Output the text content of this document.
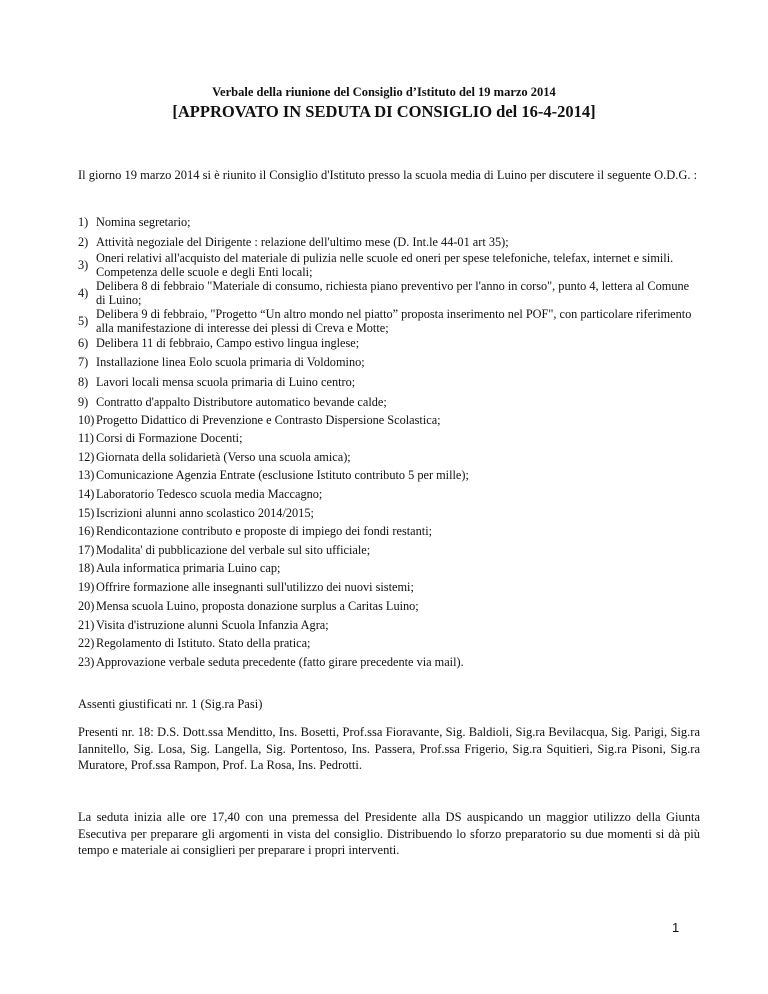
Verbale della riunione del Consiglio d’Istituto del 19 marzo 2014
[APPROVATO IN SEDUTA DI CONSIGLIO del 16-4-2014]
Il giorno 19 marzo 2014 si è riunito il Consiglio d'Istituto presso la scuola media di Luino per discutere il seguente O.D.G. :
1) Nomina segretario;
2) Attività negoziale del Dirigente : relazione dell'ultimo mese (D. Int.le 44-01 art 35);
3) Oneri relativi all'acquisto del materiale di pulizia nelle scuole ed oneri per spese telefoniche, telefax, internet e simili. Competenza delle scuole e degli Enti locali;
4) Delibera 8 di febbraio "Materiale di consumo, richiesta piano preventivo per l'anno in corso", punto 4, lettera al Comune di Luino;
5) Delibera 9 di febbraio, "Progetto “Un altro mondo nel piatto” proposta inserimento nel POF", con particolare riferimento alla manifestazione di interesse dei plessi di Creva e Motte;
6) Delibera 11 di febbraio, Campo estivo lingua inglese;
7) Installazione linea Eolo scuola primaria di Voldomino;
8) Lavori locali mensa scuola primaria di Luino centro;
9) Contratto d'appalto Distributore automatico bevande calde;
10) Progetto Didattico di Prevenzione e Contrasto Dispersione Scolastica;
11) Corsi di Formazione Docenti;
12) Giornata della solidarietà (Verso una scuola amica);
13) Comunicazione Agenzia Entrate (esclusione Istituto contributo 5 per mille);
14) Laboratorio Tedesco scuola media Maccagno;
15) Iscrizioni alunni anno scolastico 2014/2015;
16) Rendicontazione contributo e proposte di impiego dei fondi restanti;
17) Modalita' di pubblicazione del verbale sul sito ufficiale;
18) Aula informatica primaria Luino cap;
19) Offrire formazione alle insegnanti sull'utilizzo dei nuovi sistemi;
20) Mensa scuola Luino, proposta donazione surplus a Caritas Luino;
21) Visita d'istruzione alunni Scuola Infanzia Agra;
22) Regolamento di Istituto. Stato della pratica;
23) Approvazione verbale seduta precedente (fatto girare precedente via mail).
Assenti giustificati nr. 1 (Sig.ra Pasi)
Presenti nr. 18: D.S. Dott.ssa Menditto, Ins. Bosetti, Prof.ssa Fioravante, Sig. Baldioli, Sig.ra Bevilacqua, Sig. Parigi, Sig.ra Iannitello, Sig. Losa, Sig. Langella, Sig. Portentoso, Ins. Passera, Prof.ssa Frigerio, Sig.ra Squitieri, Sig.ra Pisoni, Sig.ra Muratore, Prof.ssa Rampon, Prof. La Rosa, Ins. Pedrotti.
La seduta inizia alle ore 17,40 con una premessa del Presidente alla DS auspicando un maggior utilizzo della Giunta Esecutiva per preparare gli argomenti in vista del consiglio. Distribuendo lo sforzo preparatorio su due momenti si dà più tempo e materiale ai consiglieri per preparare i propri interventi.
1
